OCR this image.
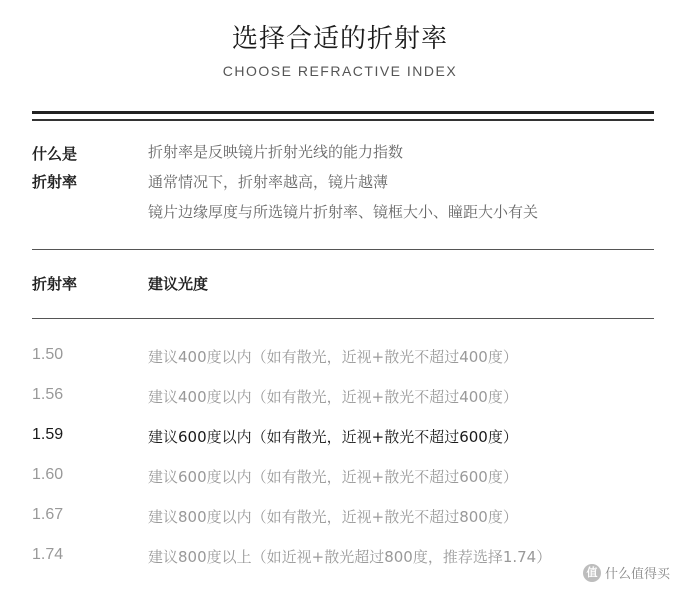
选择合适的折射率
CHOOSE REFRACTIVE INDEX
什么是
折射率
折射率是反映镜片折射光线的能力指数
通常情况下，折射率越高，镜片越薄
镜片边缘厚度与所选镜片折射率、镜框大小、瞳距大小有关
折射率	建议光度
1.50	建议400度以内（如有散光，近视+散光不超过400度）
1.56	建议400度以内（如有散光，近视+散光不超过400度）
1.59	建议600度以内（如有散光，近视+散光不超过600度）
1.60	建议600度以内（如有散光，近视+散光不超过600度）
1.67	建议800度以内（如有散光，近视+散光不超过800度）
1.74	建议800度以上（如近视+散光超过800度，推荐选择1.74）
值 什么值得买
